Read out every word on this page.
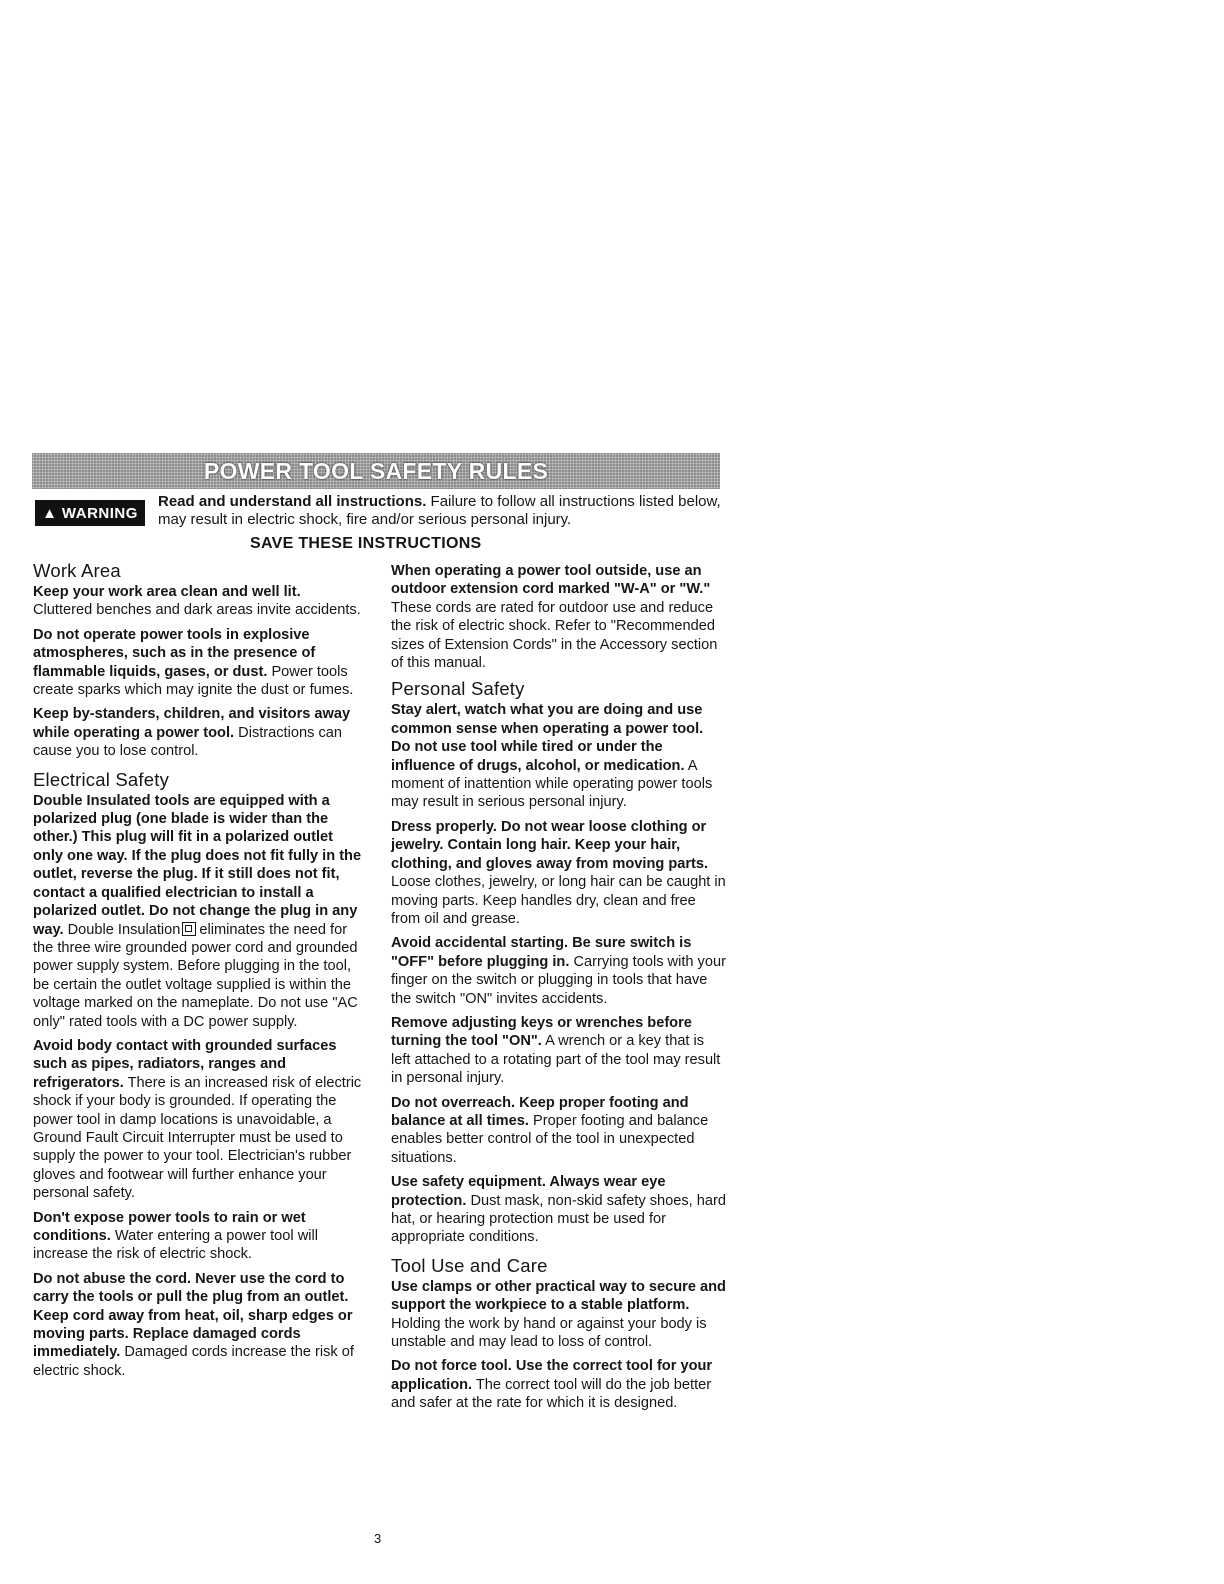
POWER TOOL SAFETY RULES
▲ WARNING
Read and understand all instructions. Failure to follow all instructions listed below, may result in electric shock, fire and/or serious personal injury.
SAVE THESE INSTRUCTIONS
Work Area

Keep your work area clean and well lit. Cluttered benches and dark areas invite accidents.

Do not operate power tools in explosive atmospheres, such as in the presence of flammable liquids, gases, or dust. Power tools create sparks which may ignite the dust or fumes.

Keep by-standers, children, and visitors away while operating a power tool. Distractions can cause you to lose control.

Electrical Safety

Double Insulated tools are equipped with a polarized plug (one blade is wider than the other.) This plug will fit in a polarized outlet only one way. If the plug does not fit fully in the outlet, reverse the plug. If it still does not fit, contact a qualified electrician to install a polarized outlet. Do not change the plug in any way. Double Insulation eliminates the need for the three wire grounded power cord and grounded power supply system. Before plugging in the tool, be certain the outlet voltage supplied is within the voltage marked on the nameplate. Do not use "AC only" rated tools with a DC power supply.

Avoid body contact with grounded surfaces such as pipes, radiators, ranges and refrigerators. There is an increased risk of electric shock if your body is grounded. If operating the power tool in damp locations is unavoidable, a Ground Fault Circuit Interrupter must be used to supply the power to your tool. Electrician's rubber gloves and footwear will further enhance your personal safety.

Don't expose power tools to rain or wet conditions. Water entering a power tool will increase the risk of electric shock.

Do not abuse the cord. Never use the cord to carry the tools or pull the plug from an outlet. Keep cord away from heat, oil, sharp edges or moving parts. Replace damaged cords immediately. Damaged cords increase the risk of electric shock.

When operating a power tool outside, use an outdoor extension cord marked "W-A" or "W." These cords are rated for outdoor use and reduce the risk of electric shock. Refer to "Recommended sizes of Extension Cords" in the Accessory section of this manual.

Personal Safety

Stay alert, watch what you are doing and use common sense when operating a power tool. Do not use tool while tired or under the influence of drugs, alcohol, or medication. A moment of inattention while operating power tools may result in serious personal injury.

Dress properly. Do not wear loose clothing or jewelry. Contain long hair. Keep your hair, clothing, and gloves away from moving parts. Loose clothes, jewelry, or long hair can be caught in moving parts. Keep handles dry, clean and free from oil and grease.

Avoid accidental starting. Be sure switch is "OFF" before plugging in. Carrying tools with your finger on the switch or plugging in tools that have the switch "ON" invites accidents.

Remove adjusting keys or wrenches before turning the tool "ON". A wrench or a key that is left attached to a rotating part of the tool may result in personal injury.

Do not overreach. Keep proper footing and balance at all times. Proper footing and balance enables better control of the tool in unexpected situations.

Use safety equipment. Always wear eye protection. Dust mask, non-skid safety shoes, hard hat, or hearing protection must be used for appropriate conditions.

Tool Use and Care

Use clamps or other practical way to secure and support the workpiece to a stable platform. Holding the work by hand or against your body is unstable and may lead to loss of control.

Do not force tool. Use the correct tool for your application. The correct tool will do the job better and safer at the rate for which it is designed.

3
